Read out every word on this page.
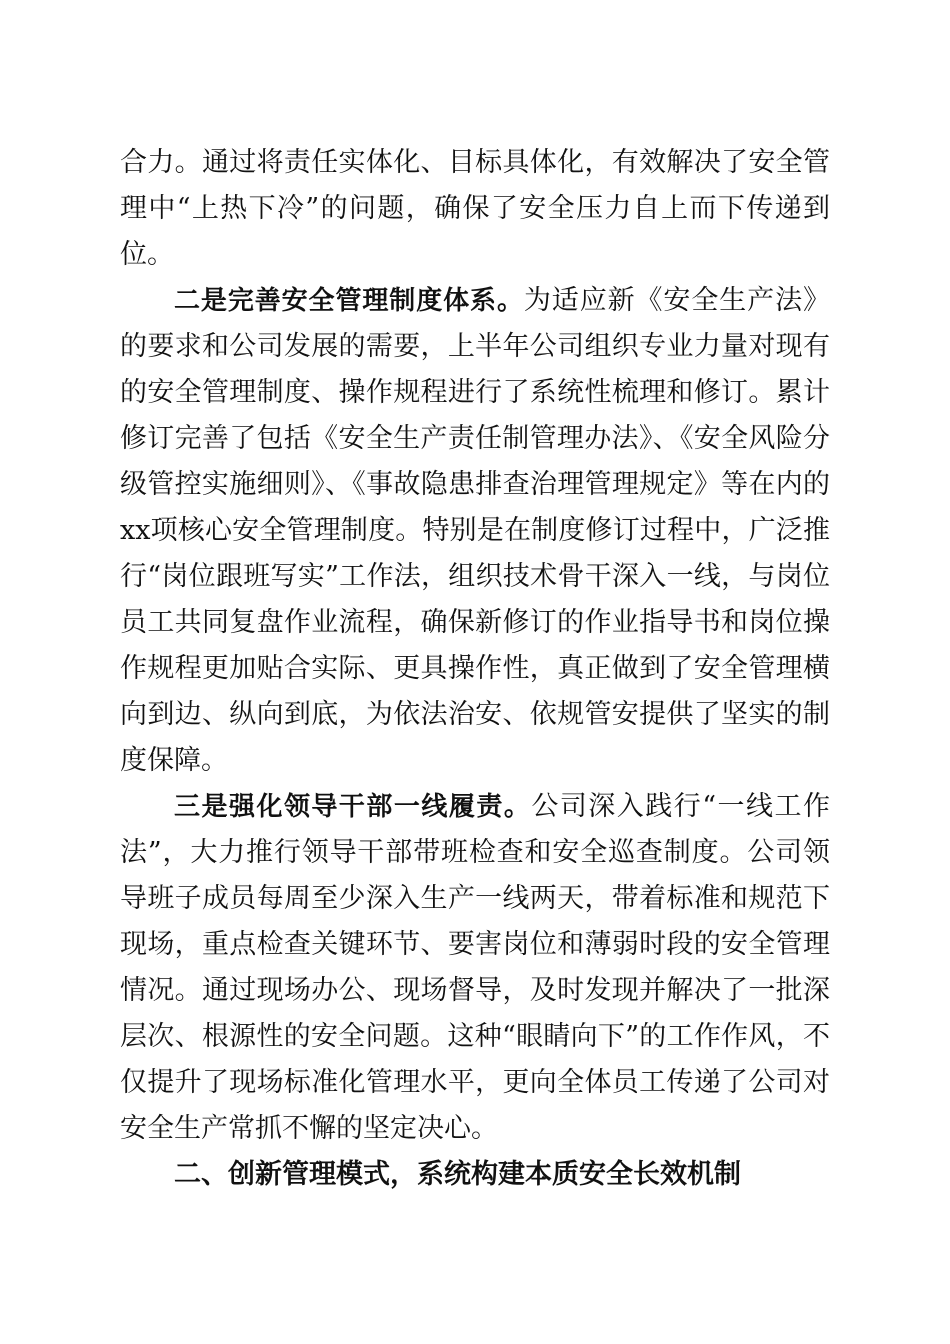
合力。通过将责任实体化、目标具体化，有效解决了安全管理中“上热下冷”的问题，确保了安全压力自上而下传递到位。

二是完善安全管理制度体系。为适应新《安全生产法》的要求和公司发展的需要，上半年公司组织专业力量对现有的安全管理制度、操作规程进行了系统性梳理和修订。累计修订完善了包括《安全生产责任制管理办法》、《安全风险分级管控实施细则》、《事故隐患排查治理管理规定》等在内的xx项核心安全管理制度。特别是在制度修订过程中，广泛推行“岗位跟班写实”工作法，组织技术骨干深入一线，与岗位员工共同复盘作业流程，确保新修订的作业指导书和岗位操作规程更加贴合实际、更具操作性，真正做到了安全管理横向到边、纵向到底，为依法治安、依规管安提供了坚实的制度保障。

三是强化领导干部一线履责。公司深入践行“一线工作法”，大力推行领导干部带班检查和安全巡查制度。公司领导班子成员每周至少深入生产一线两天，带着标准和规范下现场，重点检查关键环节、要害岗位和薄弱时段的安全管理情况。通过现场办公、现场督导，及时发现并解决了一批深层次、根源性的安全问题。这种“眼睛向下”的工作作风，不仅提升了现场标准化管理水平，更向全体员工传递了公司对安全生产常抓不懈的坚定决心。

二、创新管理模式，系统构建本质安全长效机制
